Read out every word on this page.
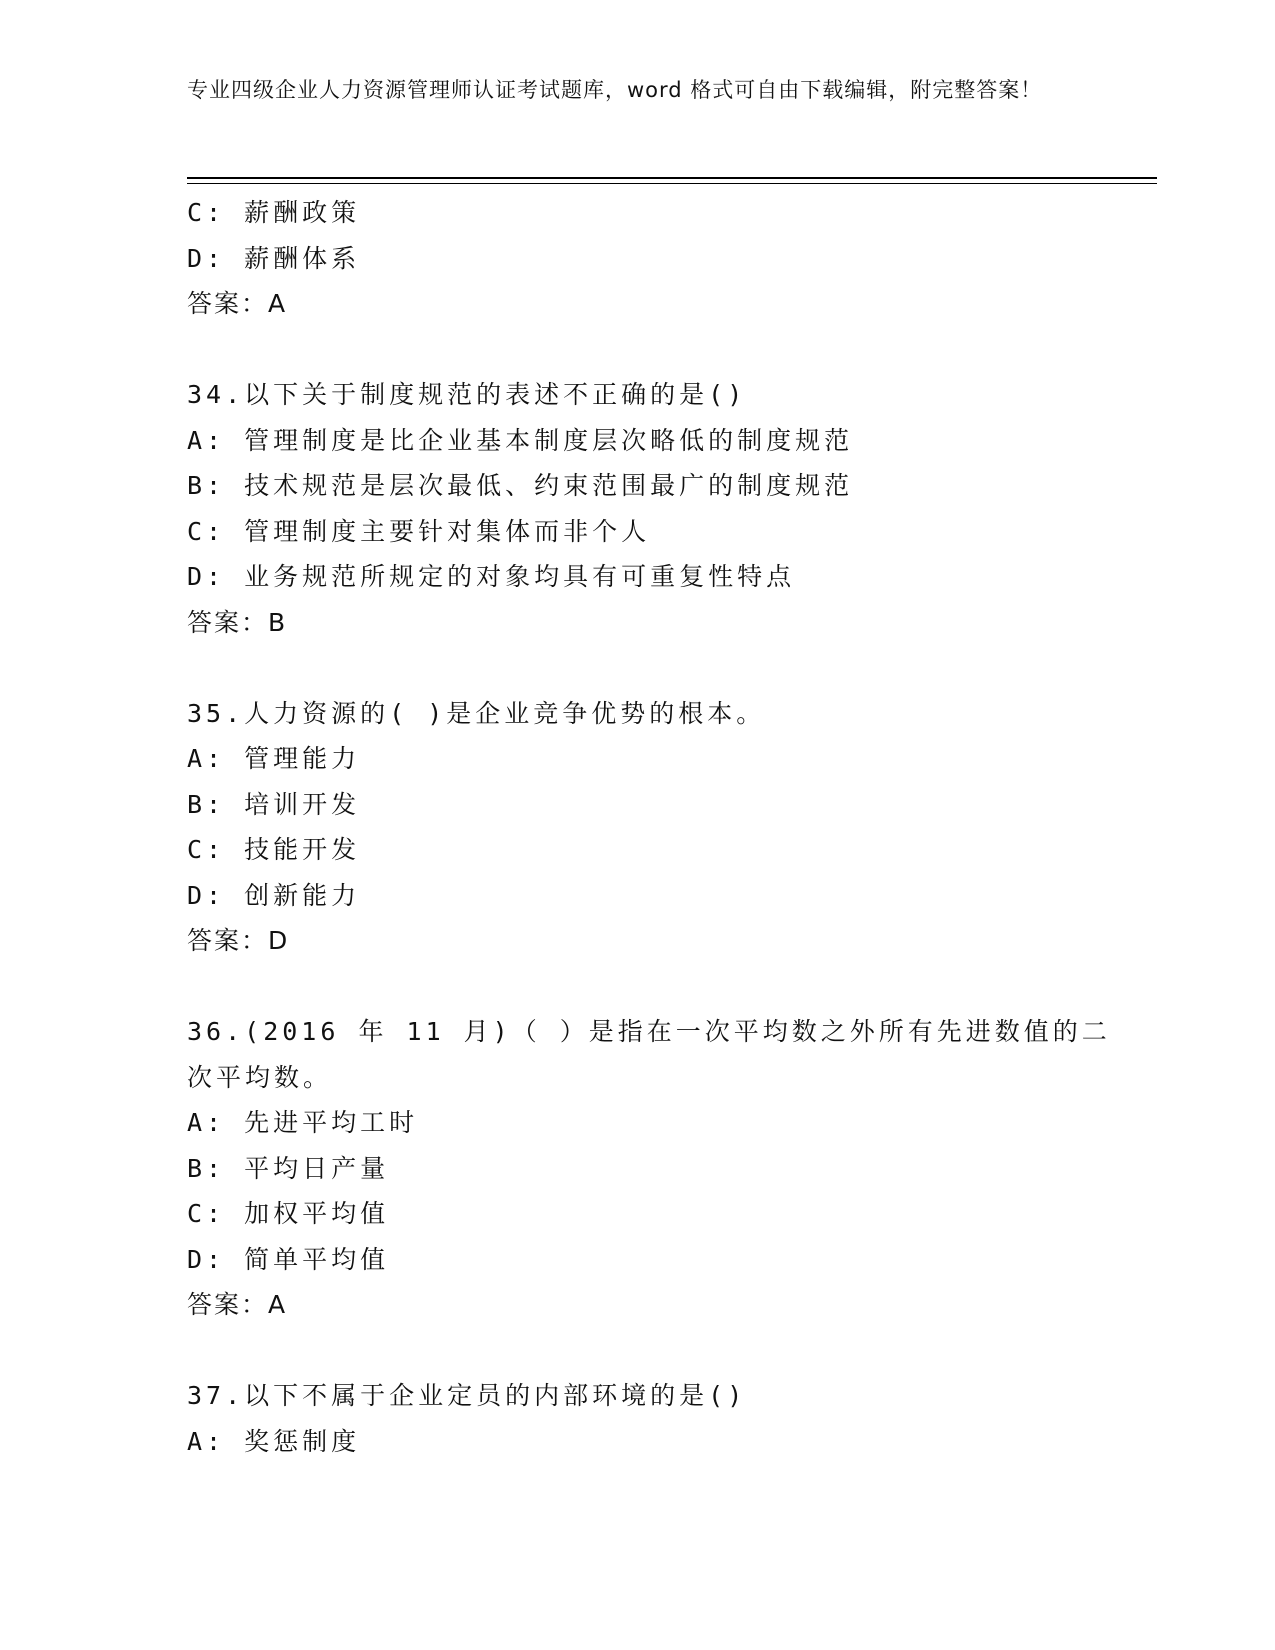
专业四级企业人力资源管理师认证考试题库，word 格式可自由下载编辑，附完整答案！
C: 薪酬政策
D: 薪酬体系
答案：A
34.以下关于制度规范的表述不正确的是()
A: 管理制度是比企业基本制度层次略低的制度规范
B: 技术规范是层次最低、约束范围最广的制度规范
C: 管理制度主要针对集体而非个人
D: 业务规范所规定的对象均具有可重复性特点
答案：B
35.人力资源的( )是企业竞争优势的根本。
A: 管理能力
B: 培训开发
C: 技能开发
D: 创新能力
答案：D
36.(2016 年 11 月)（ ）是指在一次平均数之外所有先进数值的二次平均数。
A: 先进平均工时
B: 平均日产量
C: 加权平均值
D: 简单平均值
答案：A
37.以下不属于企业定员的内部环境的是()
A: 奖惩制度
